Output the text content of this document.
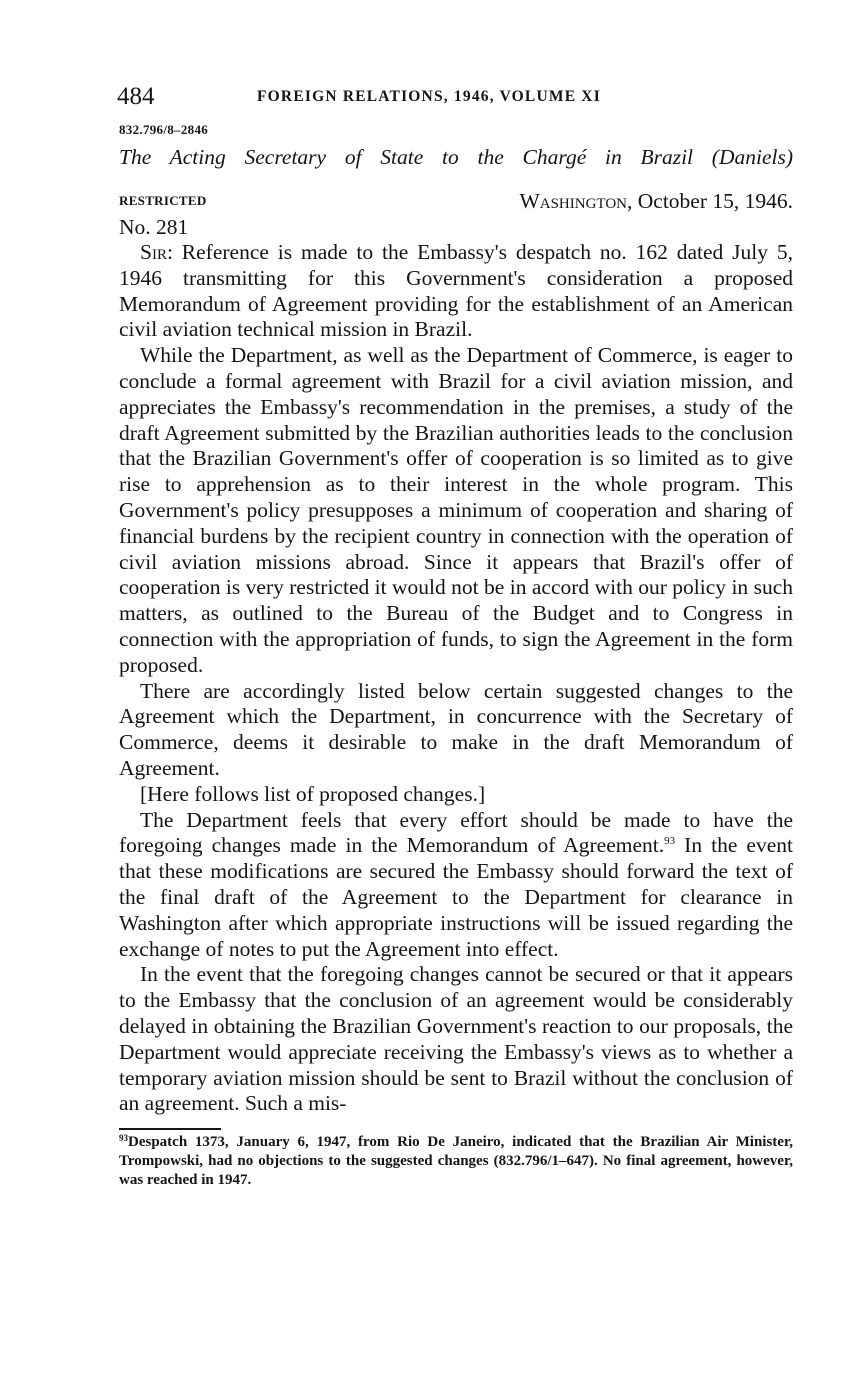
484	FOREIGN RELATIONS, 1946, VOLUME XI
832.796/8–2846
The Acting Secretary of State to the Chargé in Brazil (Daniels)
RESTRICTED	Washington, October 15, 1946.
No. 281

Sir: Reference is made to the Embassy's despatch no. 162 dated July 5, 1946 transmitting for this Government's consideration a proposed Memorandum of Agreement providing for the establishment of an American civil aviation technical mission in Brazil.

While the Department, as well as the Department of Commerce, is eager to conclude a formal agreement with Brazil for a civil aviation mission, and appreciates the Embassy's recommendation in the premises, a study of the draft Agreement submitted by the Brazilian authorities leads to the conclusion that the Brazilian Government's offer of cooperation is so limited as to give rise to apprehension as to their interest in the whole program. This Government's policy presupposes a minimum of cooperation and sharing of financial burdens by the recipient country in connection with the operation of civil aviation missions abroad. Since it appears that Brazil's offer of cooperation is very restricted it would not be in accord with our policy in such matters, as outlined to the Bureau of the Budget and to Congress in connection with the appropriation of funds, to sign the Agreement in the form proposed.

There are accordingly listed below certain suggested changes to the Agreement which the Department, in concurrence with the Secretary of Commerce, deems it desirable to make in the draft Memorandum of Agreement.

[Here follows list of proposed changes.]

The Department feels that every effort should be made to have the foregoing changes made in the Memorandum of Agreement.$^{93}$ In the event that these modifications are secured the Embassy should forward the text of the final draft of the Agreement to the Department for clearance in Washington after which appropriate instructions will be issued regarding the exchange of notes to put the Agreement into effect.

In the event that the foregoing changes cannot be secured or that it appears to the Embassy that the conclusion of an agreement would be considerably delayed in obtaining the Brazilian Government's reaction to our proposals, the Department would appreciate receiving the Embassy's views as to whether a temporary aviation mission should be sent to Brazil without the conclusion of an agreement. Such a mis-

$^{93}$Despatch 1373, January 6, 1947, from Rio De Janeiro, indicated that the Brazilian Air Minister, Trompowski, had no objections to the suggested changes (832.796/1–647). No final agreement, however, was reached in 1947.
